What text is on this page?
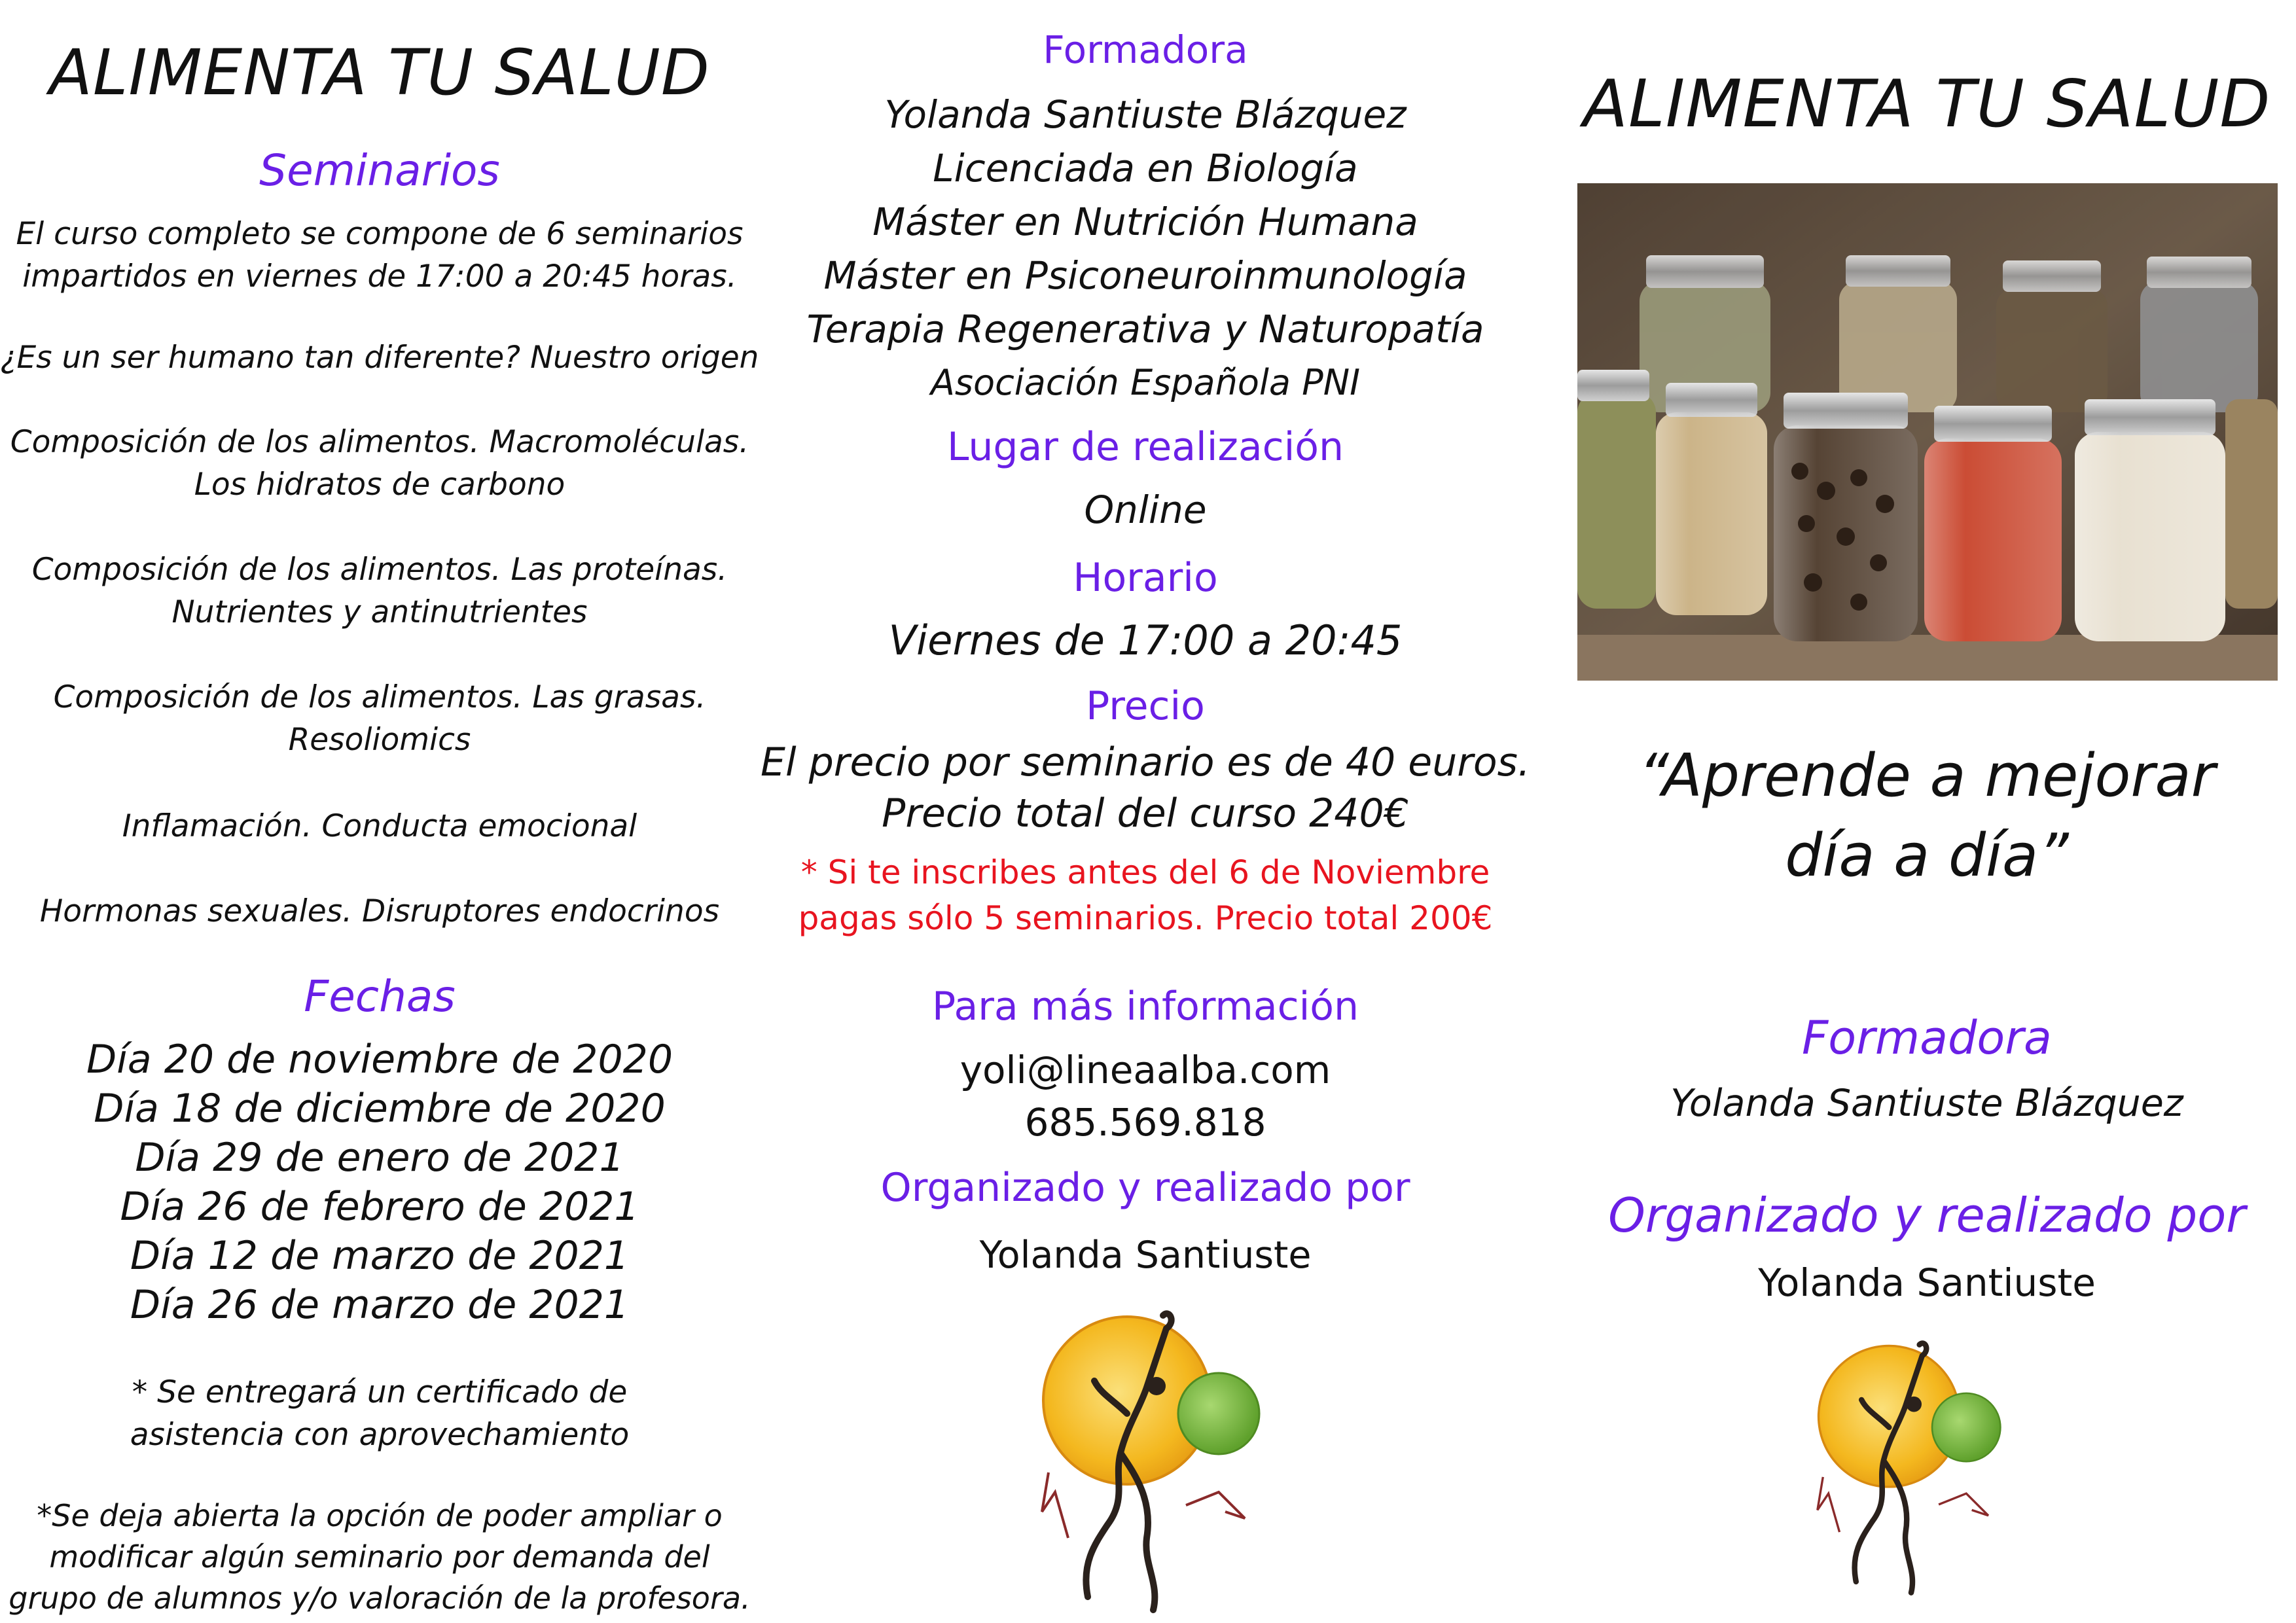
ALIMENTA TU SALUD
Seminarios
El curso completo se compone de 6 seminarios
impartidos en viernes de 17:00 a 20:45 horas.
¿Es un ser humano tan diferente? Nuestro origen
Composición de los alimentos. Macromoléculas.
Los hidratos de carbono
Composición de los alimentos. Las proteínas.
Nutrientes y antinutrientes
Composición de los alimentos. Las grasas.
Resoliomics
Inflamación. Conducta emocional
Hormonas sexuales. Disruptores endocrinos
Fechas
Día 20 de noviembre de 2020
Día 18 de diciembre de 2020
Día 29 de enero de 2021
Día 26 de febrero de 2021
Día 12 de marzo de 2021
Día 26 de marzo de 2021
* Se entregará un certificado de
asistencia con aprovechamiento
*Se deja abierta la opción de poder ampliar o
modificar algún seminario por demanda del
grupo de alumnos y/o valoración de la profesora.
Formadora
Yolanda Santiuste Blázquez
Licenciada en Biología
Máster en Nutrición Humana
Máster en Psiconeuroinmunología
Terapia Regenerativa y Naturopatía
Asociación Española PNI
Lugar de realización
Online
Horario
Viernes de 17:00 a 20:45
Precio
El precio por seminario es de 40 euros.
Precio total del curso 240€
* Si te inscribes antes del 6 de Noviembre
pagas sólo 5 seminarios. Precio total 200€
Para más información
yoli@lineaalba.com
685.569.818
Organizado y realizado por
Yolanda Santiuste
ALIMENTA TU SALUD
“Aprende a mejorar
día a día”
Formadora
Yolanda Santiuste Blázquez
Organizado y realizado por
Yolanda Santiuste
